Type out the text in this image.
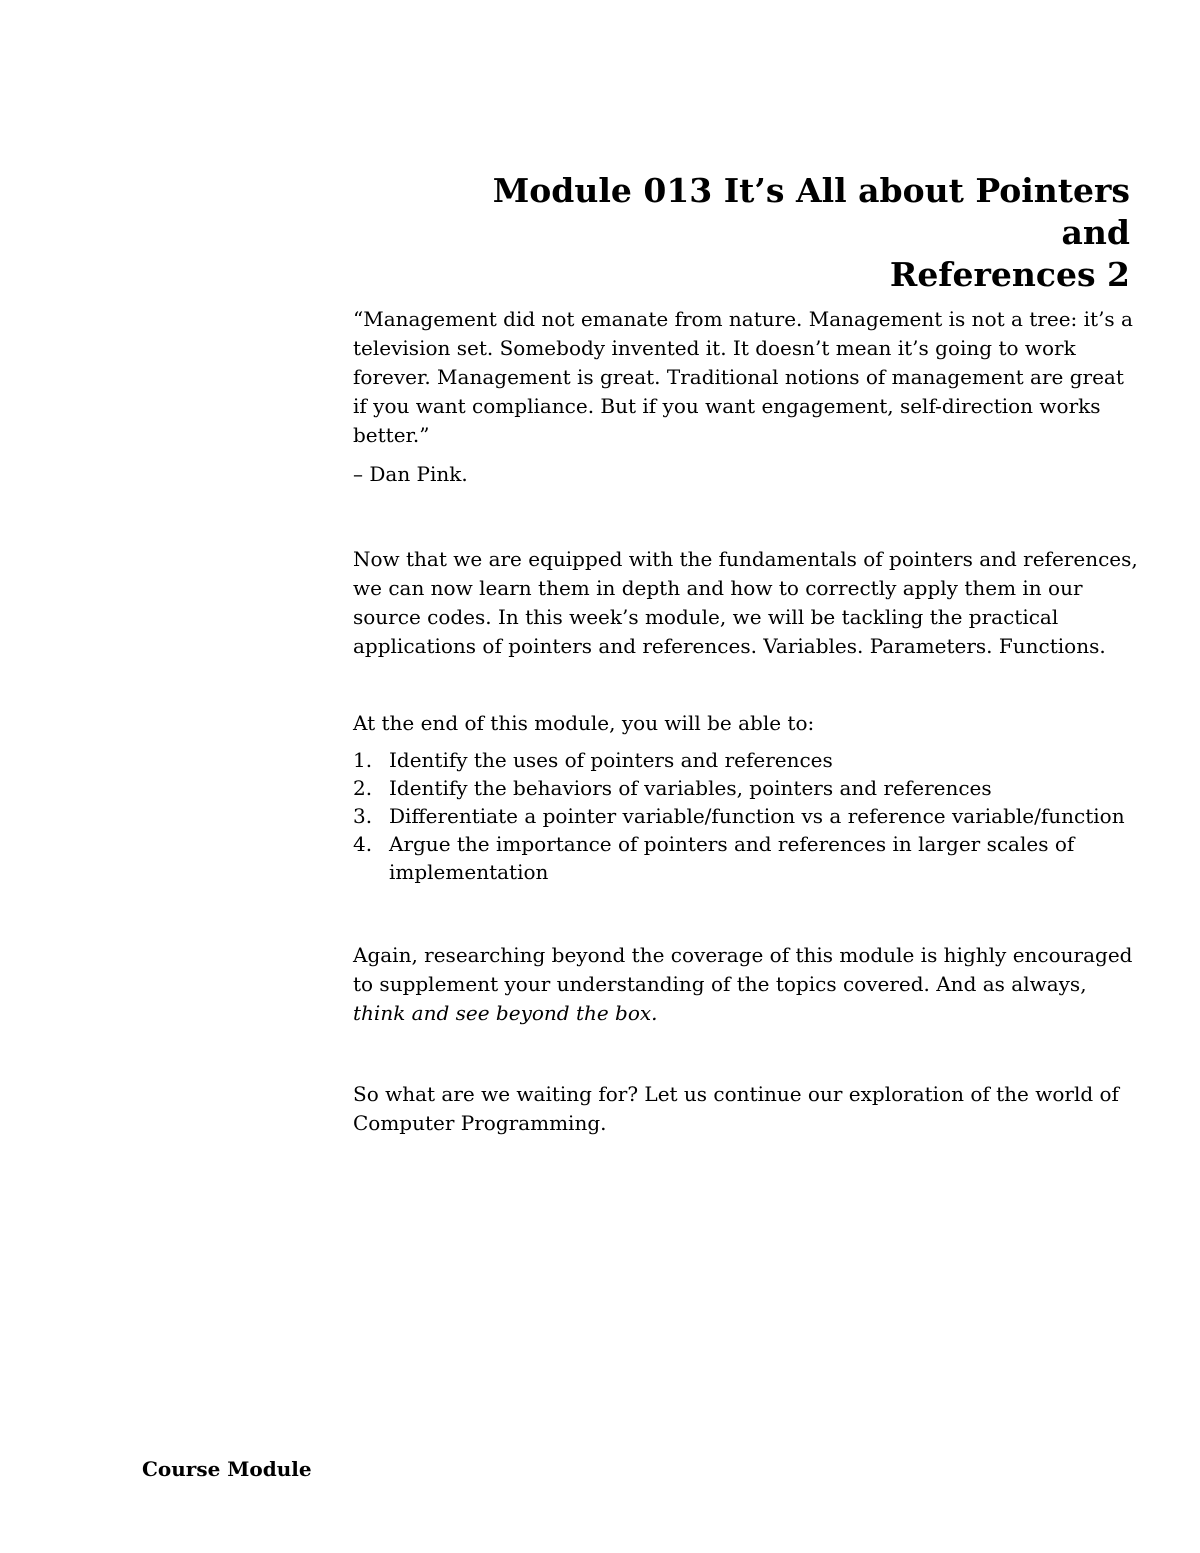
Module 013 It’s All about Pointers and
References 2

“Management did not emanate from nature. Management is not a tree: it’s a television set. Somebody invented it. It doesn’t mean it’s going to work forever. Management is great. Traditional notions of management are great if you want compliance. But if you want engagement, self-direction works better.”

– Dan Pink.

Now that we are equipped with the fundamentals of pointers and references, we can now learn them in depth and how to correctly apply them in our source codes. In this week’s module, we will be tackling the practical applications of pointers and references. Variables. Parameters. Functions.

At the end of this module, you will be able to:

1. Identify the uses of pointers and references
2. Identify the behaviors of variables, pointers and references
3. Differentiate a pointer variable/function vs a reference variable/function
4. Argue the importance of pointers and references in larger scales of implementation

Again, researching beyond the coverage of this module is highly encouraged to supplement your understanding of the topics covered. And as always, think and see beyond the box.

So what are we waiting for? Let us continue our exploration of the world of Computer Programming.

Course Module
